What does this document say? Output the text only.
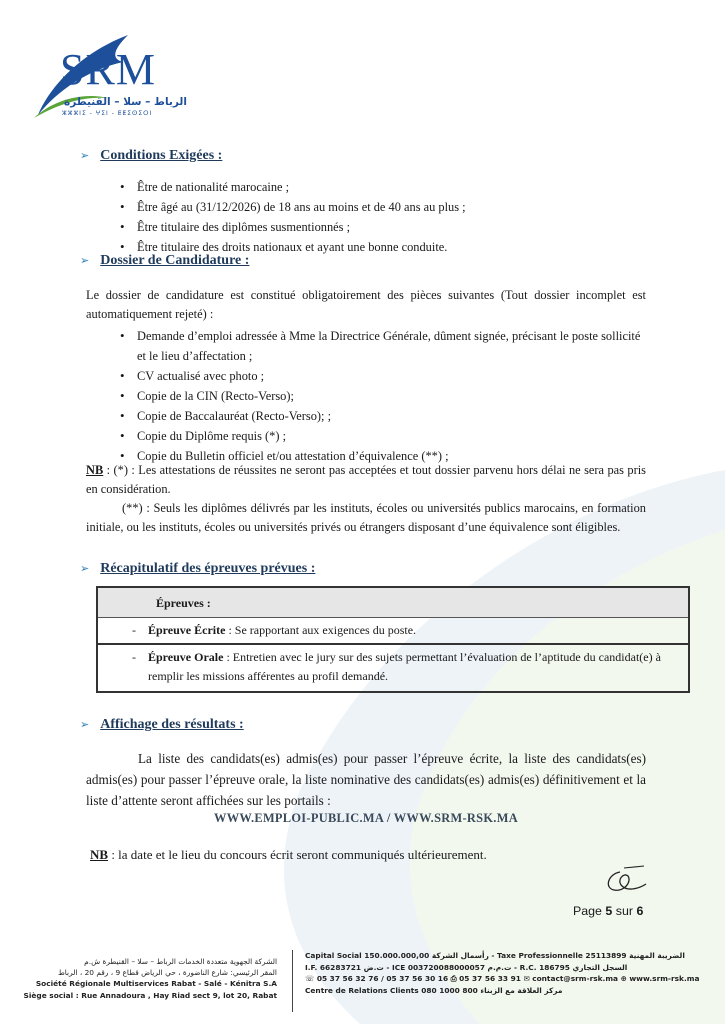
SRM
الرباط – سلا – القنيطرة
ⵣⵣⵣⵏⵉ - ⵖⵉⵏ - ⵟⵟⵉⵙⵉⵔⵏ
➢ Conditions Exigées :
• Être de nationalité marocaine ;
• Être âgé au (31/12/2026) de 18 ans au moins et de 40 ans au plus ;
• Être titulaire des diplômes susmentionnés ;
• Être titulaire des droits nationaux et ayant une bonne conduite.
➢ Dossier de Candidature :
Le dossier de candidature est constitué obligatoirement des pièces suivantes (Tout dossier incomplet est automatiquement rejeté) :
• Demande d’emploi adressée à Mme la Directrice Générale, dûment signée, précisant le poste sollicité et le lieu d’affectation ;
• CV actualisé avec photo ;
• Copie de la CIN (Recto-Verso);
• Copie de Baccalauréat (Recto-Verso); ;
• Copie du Diplôme requis (*) ;
• Copie du Bulletin officiel et/ou attestation d’équivalence (**) ;
NB : (*) : Les attestations de réussites ne seront pas acceptées et tout dossier parvenu hors délai ne sera pas pris en considération.
(**) : Seuls les diplômes délivrés par les instituts, écoles ou universités publics marocains, en formation initiale, ou les instituts, écoles ou universités privés ou étrangers disposant d’une équivalence sont éligibles.
➢ Récapitulatif des épreuves prévues :
Épreuves :
- Épreuve Écrite : Se rapportant aux exigences du poste.
- Épreuve Orale : Entretien avec le jury sur des sujets permettant l’évaluation de l’aptitude du candidat(e) à remplir les missions afférentes au profil demandé.
➢ Affichage des résultats :
La liste des candidats(es) admis(es) pour passer l’épreuve écrite, la liste des candidats(es) admis(es) pour passer l’épreuve orale, la liste nominative des candidats(es) admis(es) définitivement et la liste d’attente seront affichées sur les portails :
WWW.EMPLOI-PUBLIC.MA / WWW.SRM-RSK.MA
NB : la date et le lieu du concours écrit seront communiqués ultérieurement.
Page 5 sur 6
الشركة الجهوية متعددة الخدمات الرباط – سلا – القنيطرة ش.م
المقر الرئيسي: شارع الناضورة ، حي الرياض قطاع 9 ، رقم 20 ، الرباط
Société Régionale Multiservices Rabat - Salé - Kénitra S.A
Siège social : Rue Annadoura , Hay Riad sect 9, lot 20, Rabat
Capital Social 150.000.000,00 رأسمال الشركة - Taxe Professionnelle 25113899 الضريبة المهنية
I.F. 66283721 ت.ض - ICE 003720088000057 ت.م.م - R.C. 186795 السجل التجاري
☏ 05 37 56 32 76 / 05 37 56 30 16 ⎙ 05 37 56 33 91 ✉ contact@srm-rsk.ma ⊕ www.srm-rsk.ma
Centre de Relations Clients 080 1000 800 مركز العلاقة مع الزبناء
